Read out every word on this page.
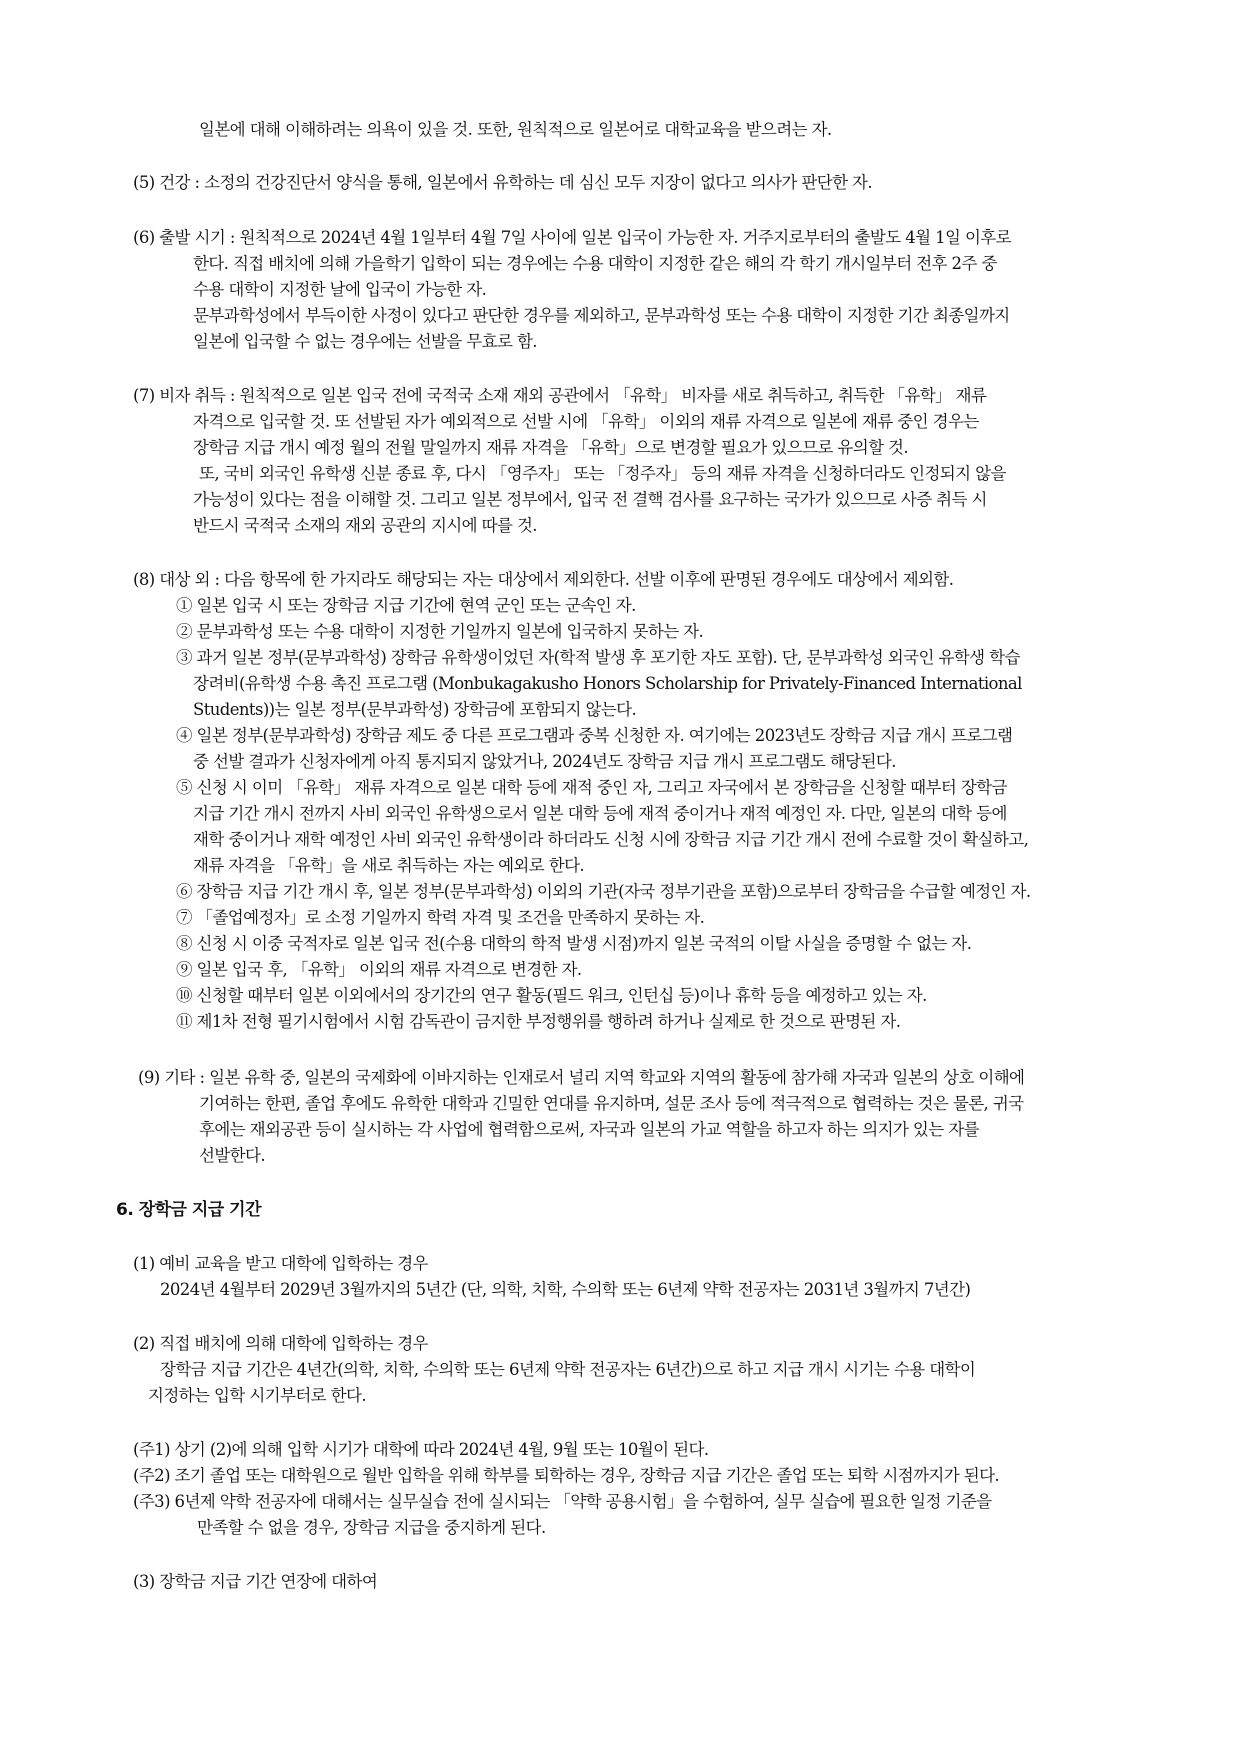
일본에 대해 이해하려는 의욕이 있을 것. 또한, 원칙적으로 일본어로 대학교육을 받으려는 자.
(5) 건강 : 소정의 건강진단서 양식을 통해, 일본에서 유학하는 데 심신 모두 지장이 없다고 의사가 판단한 자.
(6) 출발 시기 : 원칙적으로 2024년 4월 1일부터 4월 7일 사이에 일본 입국이 가능한 자. 거주지로부터의 출발도 4월 1일 이후로
한다. 직접 배치에 의해 가을학기 입학이 되는 경우에는 수용 대학이 지정한 같은 해의 각 학기 개시일부터 전후 2주 중
수용 대학이 지정한 날에 입국이 가능한 자.
문부과학성에서 부득이한 사정이 있다고 판단한 경우를 제외하고, 문부과학성 또는 수용 대학이 지정한 기간 최종일까지
일본에 입국할 수 없는 경우에는 선발을 무효로 함.
(7) 비자 취득 : 원칙적으로 일본 입국 전에 국적국 소재 재외 공관에서 「유학」 비자를 새로 취득하고, 취득한 「유학」 재류
자격으로 입국할 것. 또 선발된 자가 예외적으로 선발 시에 「유학」 이외의 재류 자격으로 일본에 재류 중인 경우는
장학금 지급 개시 예정 월의 전월 말일까지 재류 자격을 「유학」으로 변경할 필요가 있으므로 유의할 것.
또, 국비 외국인 유학생 신분 종료 후, 다시 「영주자」 또는 「정주자」 등의 재류 자격을 신청하더라도 인정되지 않을
가능성이 있다는 점을 이해할 것. 그리고 일본 정부에서, 입국 전 결핵 검사를 요구하는 국가가 있으므로 사증 취득 시
반드시 국적국 소재의 재외 공관의 지시에 따를 것.
(8) 대상 외 : 다음 항목에 한 가지라도 해당되는 자는 대상에서 제외한다. 선발 이후에 판명된 경우에도 대상에서 제외함.
① 일본 입국 시 또는 장학금 지급 기간에 현역 군인 또는 군속인 자.
② 문부과학성 또는 수용 대학이 지정한 기일까지 일본에 입국하지 못하는 자.
③ 과거 일본 정부(문부과학성) 장학금 유학생이었던 자(학적 발생 후 포기한 자도 포함). 단, 문부과학성 외국인 유학생 학습
장려비(유학생 수용 촉진 프로그램 (Monbukagakusho Honors Scholarship for Privately-Financed International
Students))는 일본 정부(문부과학성) 장학금에 포함되지 않는다.
④ 일본 정부(문부과학성) 장학금 제도 중 다른 프로그램과 중복 신청한 자. 여기에는 2023년도 장학금 지급 개시 프로그램
중 선발 결과가 신청자에게 아직 통지되지 않았거나, 2024년도 장학금 지급 개시 프로그램도 해당된다.
⑤ 신청 시 이미 「유학」 재류 자격으로 일본 대학 등에 재적 중인 자, 그리고 자국에서 본 장학금을 신청할 때부터 장학금
지급 기간 개시 전까지 사비 외국인 유학생으로서 일본 대학 등에 재적 중이거나 재적 예정인 자. 다만, 일본의 대학 등에
재학 중이거나 재학 예정인 사비 외국인 유학생이라 하더라도 신청 시에 장학금 지급 기간 개시 전에 수료할 것이 확실하고,
재류 자격을 「유학」을 새로 취득하는 자는 예외로 한다.
⑥ 장학금 지급 기간 개시 후, 일본 정부(문부과학성) 이외의 기관(자국 정부기관을 포함)으로부터 장학금을 수급할 예정인 자.
⑦ 「졸업예정자」로 소정 기일까지 학력 자격 및 조건을 만족하지 못하는 자.
⑧ 신청 시 이중 국적자로 일본 입국 전(수용 대학의 학적 발생 시점)까지 일본 국적의 이탈 사실을 증명할 수 없는 자.
⑨ 일본 입국 후, 「유학」 이외의 재류 자격으로 변경한 자.
⑩ 신청할 때부터 일본 이외에서의 장기간의 연구 활동(필드 워크, 인턴십 등)이나 휴학 등을 예정하고 있는 자.
⑪ 제1차 전형 필기시험에서 시험 감독관이 금지한 부정행위를 행하려 하거나 실제로 한 것으로 판명된 자.
(9) 기타 : 일본 유학 중, 일본의 국제화에 이바지하는 인재로서 널리 지역 학교와 지역의 활동에 참가해 자국과 일본의 상호 이해에
기여하는 한편, 졸업 후에도 유학한 대학과 긴밀한 연대를 유지하며, 설문 조사 등에 적극적으로 협력하는 것은 물론, 귀국
후에는 재외공관 등이 실시하는 각 사업에 협력함으로써, 자국과 일본의 가교 역할을 하고자 하는 의지가 있는 자를
선발한다.
6. 장학금 지급 기간
(1) 예비 교육을 받고 대학에 입학하는 경우
2024년 4월부터 2029년 3월까지의 5년간 (단, 의학, 치학, 수의학 또는 6년제 약학 전공자는 2031년 3월까지 7년간)
(2) 직접 배치에 의해 대학에 입학하는 경우
장학금 지급 기간은 4년간(의학, 치학, 수의학 또는 6년제 약학 전공자는 6년간)으로 하고 지급 개시 시기는 수용 대학이
지정하는 입학 시기부터로 한다.
(주1) 상기 (2)에 의해 입학 시기가 대학에 따라 2024년 4월, 9월 또는 10월이 된다.
(주2) 조기 졸업 또는 대학원으로 월반 입학을 위해 학부를 퇴학하는 경우, 장학금 지급 기간은 졸업 또는 퇴학 시점까지가 된다.
(주3) 6년제 약학 전공자에 대해서는 실무실습 전에 실시되는 「약학 공용시험」을 수험하여, 실무 실습에 필요한 일정 기준을
만족할 수 없을 경우, 장학금 지급을 중지하게 된다.
(3) 장학금 지급 기간 연장에 대하여
